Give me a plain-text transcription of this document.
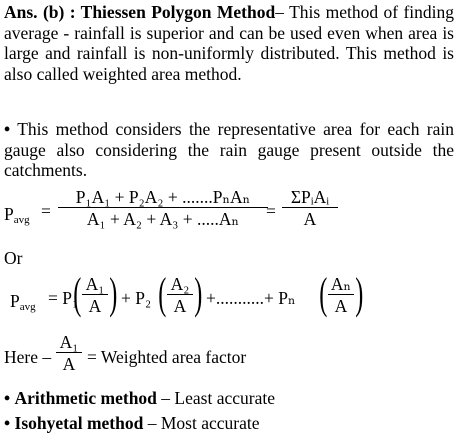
Ans. (b) : Thiessen Polygon Method– This method of finding average - rainfall is superior and can be used even when area is large and rainfall is non-uniformly distributed. This method is also called weighted area method.
• This method considers the representative area for each rain gauge also considering the rain gauge present outside the catchments.
$P_{avg}$ =
P₁A₁ + P₂A₂ + .......PₙAₙ
A₁ + A₂ + A₃ + .....Aₙ	=
ΣPᵢAᵢ
A
Or
$P_{avg} = P_1$
( A₁
A ) + P₂ ( A₂
A ) +...........+ Pₙ ( Aₙ
A )
Here –
A₁
A = Weighted area factor
• Arithmetic method – Least accurate
• Isohyetal method – Most accurate
